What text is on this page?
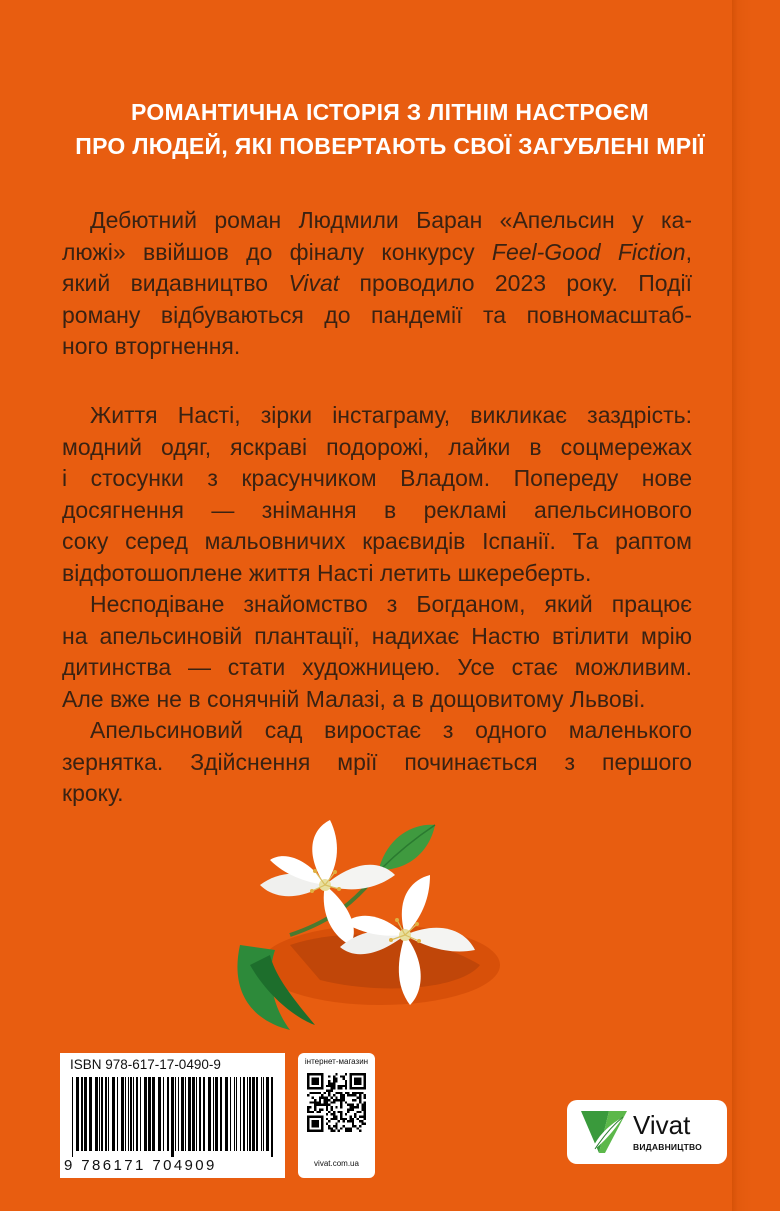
РОМАНТИЧНА ІСТОРІЯ З ЛІТНІМ НАСТРОЄМ
ПРО ЛЮДЕЙ, ЯКІ ПОВЕРТАЮТЬ СВОЇ ЗАГУБЛЕНІ МРІЇ
Дебютний роман Людмили Баран «Апельсин у ка-
люжі» ввійшов до фіналу конкурсу Feel-Good Fiction,
який видавництво Vivat проводило 2023 року. Події
роману відбуваються до пандемії та повномасштаб-
ного вторгнення.
Життя Насті, зірки інстаграму, викликає заздрість:
модний одяг, яскраві подорожі, лайки в соцмережах
і стосунки з красунчиком Владом. Попереду нове
досягнення — знімання в рекламі апельсинового
соку серед мальовничих краєвидів Іспанії. Та раптом
відфотошоплене життя Насті летить шкереберть.
Несподіване знайомство з Богданом, який працює
на апельсиновій плантації, надихає Настю втілити мрію
дитинства — стати художницею. Усе стає можливим.
Але вже не в сонячній Малазі, а в дощовитому Львові.
Апельсиновий сад виростає з одного маленького
зернятка. Здійснення мрії починається з першого
кроку.
ISBN 978-617-17-0490-9
9 786171 704909
інтернет-магазин
vivat.com.ua
Vivat
ВИДАВНИЦТВО
